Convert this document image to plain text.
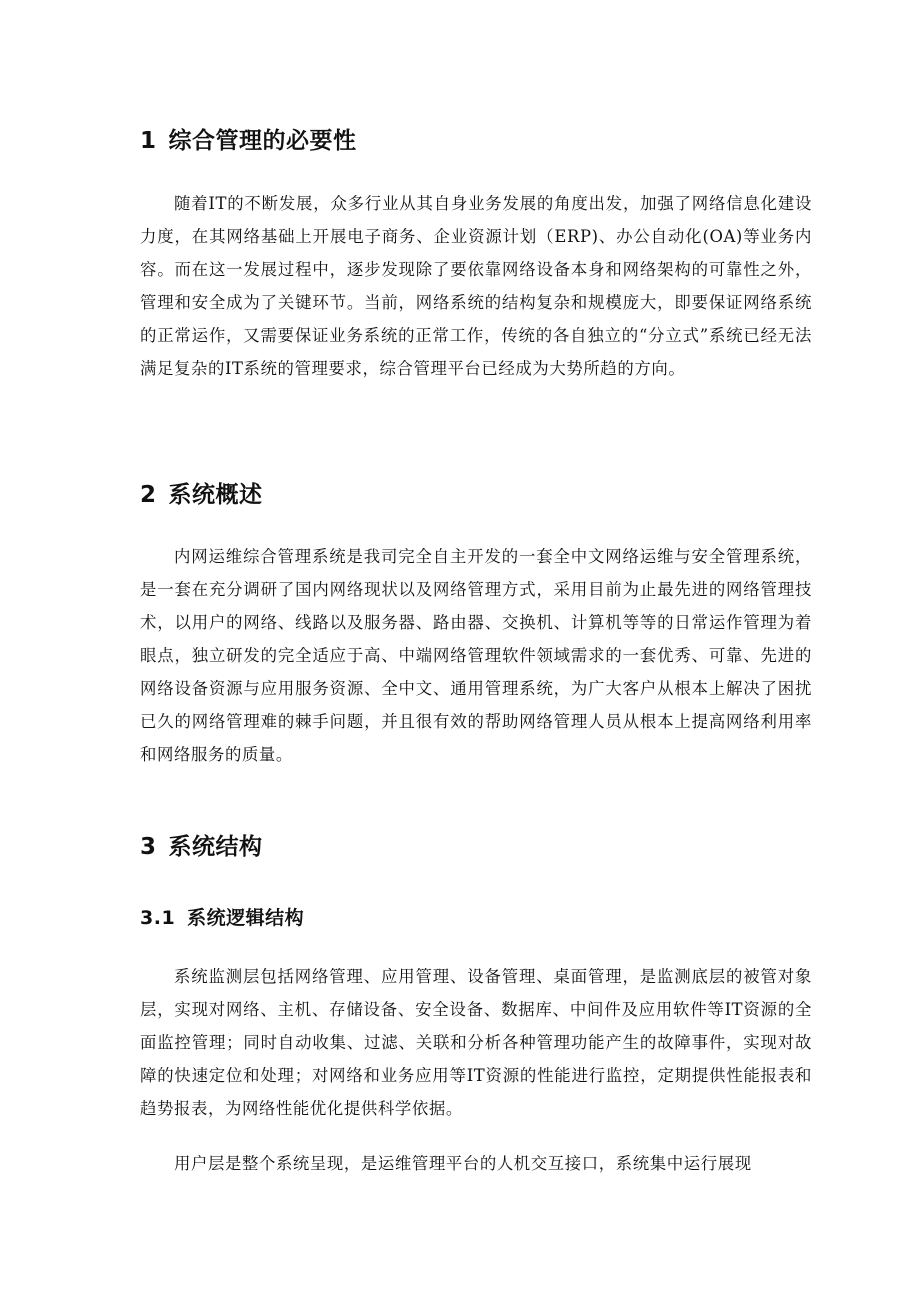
1 综合管理的必要性

随着IT的不断发展，众多行业从其自身业务发展的角度出发，加强了网络信息化建设力度，在其网络基础上开展电子商务、企业资源计划（ERP)、办公自动化(OA)等业务内容。而在这一发展过程中，逐步发现除了要依靠网络设备本身和网络架构的可靠性之外，管理和安全成为了关键环节。当前，网络系统的结构复杂和规模庞大，即要保证网络系统的正常运作，又需要保证业务系统的正常工作，传统的各自独立的“分立式”系统已经无法满足复杂的IT系统的管理要求，综合管理平台已经成为大势所趋的方向。

2 系统概述

内网运维综合管理系统是我司完全自主开发的一套全中文网络运维与安全管理系统，是一套在充分调研了国内网络现状以及网络管理方式，采用目前为止最先进的网络管理技术，以用户的网络、线路以及服务器、路由器、交换机、计算机等等的日常运作管理为着眼点，独立研发的完全适应于高、中端网络管理软件领域需求的一套优秀、可靠、先进的网络设备资源与应用服务资源、全中文、通用管理系统，为广大客户从根本上解决了困扰已久的网络管理难的棘手问题，并且很有效的帮助网络管理人员从根本上提高网络利用率和网络服务的质量。

3 系统结构
3.1 系统逻辑结构

系统监测层包括网络管理、应用管理、设备管理、桌面管理，是监测底层的被管对象层，实现对网络、主机、存储设备、安全设备、数据库、中间件及应用软件等IT资源的全面监控管理；同时自动收集、过滤、关联和分析各种管理功能产生的故障事件，实现对故障的快速定位和处理；对网络和业务应用等IT资源的性能进行监控，定期提供性能报表和趋势报表，为网络性能优化提供科学依据。

用户层是整个系统呈现，是运维管理平台的人机交互接口，系统集中运行展现
